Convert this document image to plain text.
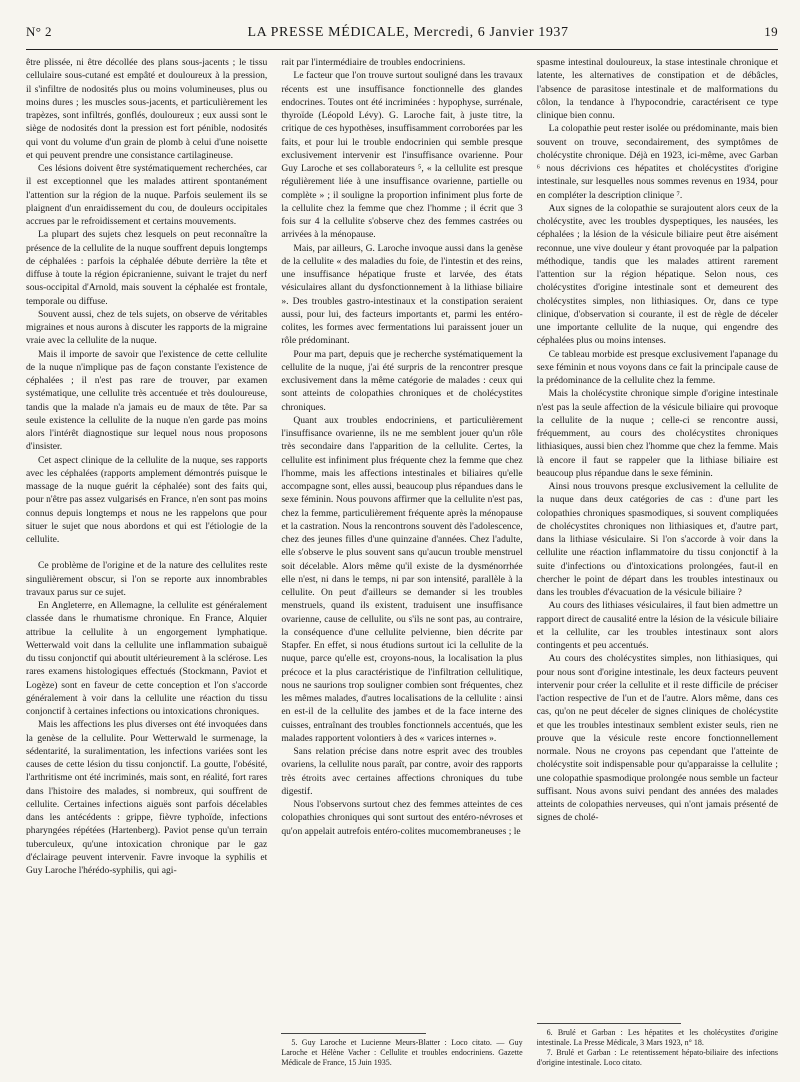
N° 2	LA PRESSE MÉDICALE, Mercredi, 6 Janvier 1937	19

être plissée, ni être décollée des plans sous-jacents ; le tissu cellulaire sous-cutané est empâté et douloureux à la pression, il s'infiltre de nodosités plus ou moins volumineuses, plus ou moins dures ; les muscles sous-jacents, et particulièrement les trapèzes, sont infiltrés, gonflés, douloureux ; eux aussi sont le siège de nodosités dont la pression est fort pénible, nodosités qui vont du volume d'un grain de plomb à celui d'une noisette et qui peuvent prendre une consistance cartilagineuse.

Ces lésions doivent être systématiquement recherchées, car il est exceptionnel que les malades attirent spontanément l'attention sur la région de la nuque. Parfois seulement ils se plaignent d'un enraidissement du cou, de douleurs occipitales accrues par le refroidissement et certains mouvements.

La plupart des sujets chez lesquels on peut reconnaître la présence de la cellulite de la nuque souffrent depuis longtemps de céphalées : parfois la céphalée débute derrière la tête et diffuse à toute la région épicranienne, suivant le trajet du nerf sous-occipital d'Arnold, mais souvent la céphalée est frontale, temporale ou diffuse.

Souvent aussi, chez de tels sujets, on observe de véritables migraines et nous aurons à discuter les rapports de la migraine vraie avec la cellulite de la nuque.

Mais il importe de savoir que l'existence de cette cellulite de la nuque n'implique pas de façon constante l'existence de céphalées ; il n'est pas rare de trouver, par examen systématique, une cellulite très accentuée et très douloureuse, tandis que la malade n'a jamais eu de maux de tête. Par sa seule existence la cellulite de la nuque n'en garde pas moins alors l'intérêt diagnostique sur lequel nous nous proposons d'insister.

Cet aspect clinique de la cellulite de la nuque, ses rapports avec les céphalées (rapports amplement démontrés puisque le massage de la nuque guérit la céphalée) sont des faits qui, pour n'être pas assez vulgarisés en France, n'en sont pas moins connus depuis longtemps et nous ne les rappelons que pour situer le sujet que nous abordons et qui est l'étiologie de la cellulite.

Ce problème de l'origine et de la nature des cellulites reste singulièrement obscur, si l'on se reporte aux innombrables travaux parus sur ce sujet.

En Angleterre, en Allemagne, la cellulite est généralement classée dans le rhumatisme chronique. En France, Alquier attribue la cellulite à un engorgement lymphatique. Wetterwald voit dans la cellulite une inflammation subaiguë du tissu conjonctif qui aboutit ultérieurement à la sclérose. Les rares examens histologiques effectués (Stockmann, Paviot et Logèze) sont en faveur de cette conception et l'on s'accorde généralement à voir dans la cellulite une réaction du tissu conjonctif à certaines infections ou intoxications chroniques.

Mais les affections les plus diverses ont été invoquées dans la genèse de la cellulite. Pour Wetterwald le surmenage, la sédentarité, la suralimentation, les infections variées sont les causes de cette lésion du tissu conjonctif. La goutte, l'obésité, l'arthritisme ont été incriminés, mais sont, en réalité, fort rares dans l'histoire des malades, si nombreux, qui souffrent de cellulite. Certaines infections aiguës sont parfois décelables dans les antécédents : grippe, fièvre typhoïde, infections pharyngées répétées (Hartenberg). Paviot pense qu'un terrain tuberculeux, qu'une intoxication chronique par le gaz d'éclairage peuvent intervenir. Favre invoque la syphilis et Guy Laroche l'hérédo-syphilis, qui agi-

rait par l'intermédiaire de troubles endocriniens.

Le facteur que l'on trouve surtout souligné dans les travaux récents est une insuffisance fonctionnelle des glandes endocrines. Toutes ont été incriminées : hypophyse, surrénale, thyroïde (Léopold Lévy). G. Laroche fait, à juste titre, la critique de ces hypothèses, insuffisamment corroborées par les faits, et pour lui le trouble endocrinien qui semble presque exclusivement intervenir est l'insuffisance ovarienne. Pour Guy Laroche et ses collaborateurs ⁵, « la cellulite est presque régulièrement liée à une insuffisance ovarienne, partielle ou complète » ; il souligne la proportion infiniment plus forte de la cellulite chez la femme que chez l'homme ; il écrit que 3 fois sur 4 la cellulite s'observe chez des femmes castrées ou arrivées à la ménopause.

Mais, par ailleurs, G. Laroche invoque aussi dans la genèse de la cellulite « des maladies du foie, de l'intestin et des reins, une insuffisance hépatique fruste et larvée, des états vésiculaires allant du dysfonctionnement à la lithiase biliaire ». Des troubles gastro-intestinaux et la constipation seraient aussi, pour lui, des facteurs importants et, parmi les entéro-colites, les formes avec fermentations lui paraissent jouer un rôle prédominant.

Pour ma part, depuis que je recherche systématiquement la cellulite de la nuque, j'ai été surpris de la rencontrer presque exclusivement dans la même catégorie de malades : ceux qui sont atteints de colopathies chroniques et de cholécystites chroniques.

Quant aux troubles endocriniens, et particulièrement l'insuffisance ovarienne, ils ne me semblent jouer qu'un rôle très secondaire dans l'apparition de la cellulite. Certes, la cellulite est infiniment plus fréquente chez la femme que chez l'homme, mais les affections intestinales et biliaires qu'elle accompagne sont, elles aussi, beaucoup plus répandues dans le sexe féminin. Nous pouvons affirmer que la cellulite n'est pas, chez la femme, particulièrement fréquente après la ménopause et la castration. Nous la rencontrons souvent dès l'adolescence, chez des jeunes filles d'une quinzaine d'années. Chez l'adulte, elle s'observe le plus souvent sans qu'aucun trouble menstruel soit décelable. Alors même qu'il existe de la dysménorrhée elle n'est, ni dans le temps, ni par son intensité, parallèle à la cellulite. On peut d'ailleurs se demander si les troubles menstruels, quand ils existent, traduisent une insuffisance ovarienne, cause de cellulite, ou s'ils ne sont pas, au contraire, la conséquence d'une cellulite pelvienne, bien décrite par Stapfer. En effet, si nous étudions surtout ici la cellulite de la nuque, parce qu'elle est, croyons-nous, la localisation la plus précoce et la plus caractéristique de l'infiltration cellulitique, nous ne saurions trop souligner combien sont fréquentes, chez les mêmes malades, d'autres localisations de la cellulite : ainsi en est-il de la cellulite des jambes et de la face interne des cuisses, entraînant des troubles fonctionnels accentués, que les malades rapportent volontiers à des « varices internes ».

Sans relation précise dans notre esprit avec des troubles ovariens, la cellulite nous paraît, par contre, avoir des rapports très étroits avec certaines affections chroniques du tube digestif.

Nous l'observons surtout chez des femmes atteintes de ces colopathies chroniques qui sont surtout des entéro-névroses et qu'on appelait autrefois entéro-colites mucomembraneuses ; le

5. Guy Laroche et Lucienne Meurs-Blatter : Loco citato. — Guy Laroche et Hélène Vacher : Cellulite et troubles endocriniens. Gazette Médicale de France, 15 Juin 1935.

spasme intestinal douloureux, la stase intestinale chronique et latente, les alternatives de constipation et de débâcles, l'absence de parasitose intestinale et de malformations du côlon, la tendance à l'hypocondrie, caractérisent ce type clinique bien connu.

La colopathie peut rester isolée ou prédominante, mais bien souvent on trouve, secondairement, des symptômes de cholécystite chronique. Déjà en 1923, ici-même, avec Garban ⁶ nous décrivions ces hépatites et cholécystites d'origine intestinale, sur lesquelles nous sommes revenus en 1934, pour en compléter la description clinique ⁷.

Aux signes de la colopathie se surajoutent alors ceux de la cholécystite, avec les troubles dyspeptiques, les nausées, les céphalées ; la lésion de la vésicule biliaire peut être aisément reconnue, une vive douleur y étant provoquée par la palpation méthodique, tandis que les malades attirent rarement l'attention sur la région hépatique. Selon nous, ces cholécystites d'origine intestinale sont et demeurent des cholécystites simples, non lithiasiques. Or, dans ce type clinique, d'observation si courante, il est de règle de déceler une importante cellulite de la nuque, qui engendre des céphalées plus ou moins intenses.

Ce tableau morbide est presque exclusivement l'apanage du sexe féminin et nous voyons dans ce fait la principale cause de la prédominance de la cellulite chez la femme.

Mais la cholécystite chronique simple d'origine intestinale n'est pas la seule affection de la vésicule biliaire qui provoque la cellulite de la nuque ; celle-ci se rencontre aussi, fréquemment, au cours des cholécystites chroniques lithiasiques, aussi bien chez l'homme que chez la femme. Mais là encore il faut se rappeler que la lithiase biliaire est beaucoup plus répandue dans le sexe féminin.

Ainsi nous trouvons presque exclusivement la cellulite de la nuque dans deux catégories de cas : d'une part les colopathies chroniques spasmodiques, si souvent compliquées de cholécystites chroniques non lithiasiques et, d'autre part, dans la lithiase vésiculaire. Si l'on s'accorde à voir dans la cellulite une réaction inflammatoire du tissu conjonctif à la suite d'infections ou d'intoxications prolongées, faut-il en chercher le point de départ dans les troubles intestinaux ou dans les troubles d'évacuation de la vésicule biliaire ?

Au cours des lithiases vésiculaires, il faut bien admettre un rapport direct de causalité entre la lésion de la vésicule biliaire et la cellulite, car les troubles intestinaux sont alors contingents et peu accentués.

Au cours des cholécystites simples, non lithiasiques, qui pour nous sont d'origine intestinale, les deux facteurs peuvent intervenir pour créer la cellulite et il reste difficile de préciser l'action respective de l'un et de l'autre. Alors même, dans ces cas, qu'on ne peut déceler de signes cliniques de cholécystite et que les troubles intestinaux semblent exister seuls, rien ne prouve que la vésicule reste encore fonctionnellement normale. Nous ne croyons pas cependant que l'atteinte de cholécystite soit indispensable pour qu'apparaisse la cellulite ; une colopathie spasmodique prolongée nous semble un facteur suffisant. Nous avons suivi pendant des années des malades atteints de colopathies nerveuses, qui n'ont jamais présenté de signes de cholé-

6. Brulé et Garban : Les hépatites et les cholécystites d'origine intestinale. La Presse Médicale, 3 Mars 1923, n° 18.

7. Brulé et Garban : Le retentissement hépato-biliaire des infections d'origine intestinale. Loco citato.
